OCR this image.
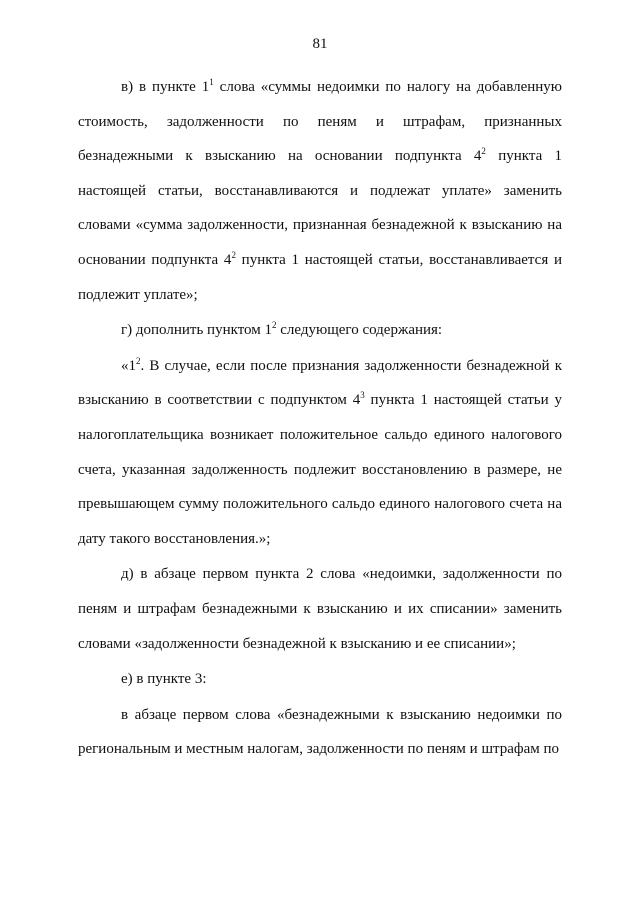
81

в) в пункте $1^1$ слова «суммы недоимки по налогу на добавленную стоимость, задолженности по пеням и штрафам, признанных безнадежными к взысканию на основании подпункта $4^2$ пункта 1 настоящей статьи, восстанавливаются и подлежат уплате» заменить словами «сумма задолженности, признанная безнадежной к взысканию на основании подпункта $4^2$ пункта 1 настоящей статьи, восстанавливается и подлежит уплате»;

г) дополнить пунктом $1^2$ следующего содержания:

«$1^2$. В случае, если после признания задолженности безнадежной к взысканию в соответствии с подпунктом $4^3$ пункта 1 настоящей статьи у налогоплательщика возникает положительное сальдо единого налогового счета, указанная задолженность подлежит восстановлению в размере, не превышающем сумму положительного сальдо единого налогового счета на дату такого восстановления.»;

д) в абзаце первом пункта 2 слова «недоимки, задолженности по пеням и штрафам безнадежными к взысканию и их списании» заменить словами «задолженности безнадежной к взысканию и ее списании»;

е) в пункте 3:

в абзаце первом слова «безнадежными к взысканию недоимки по региональным и местным налогам, задолженности по пеням и штрафам по
